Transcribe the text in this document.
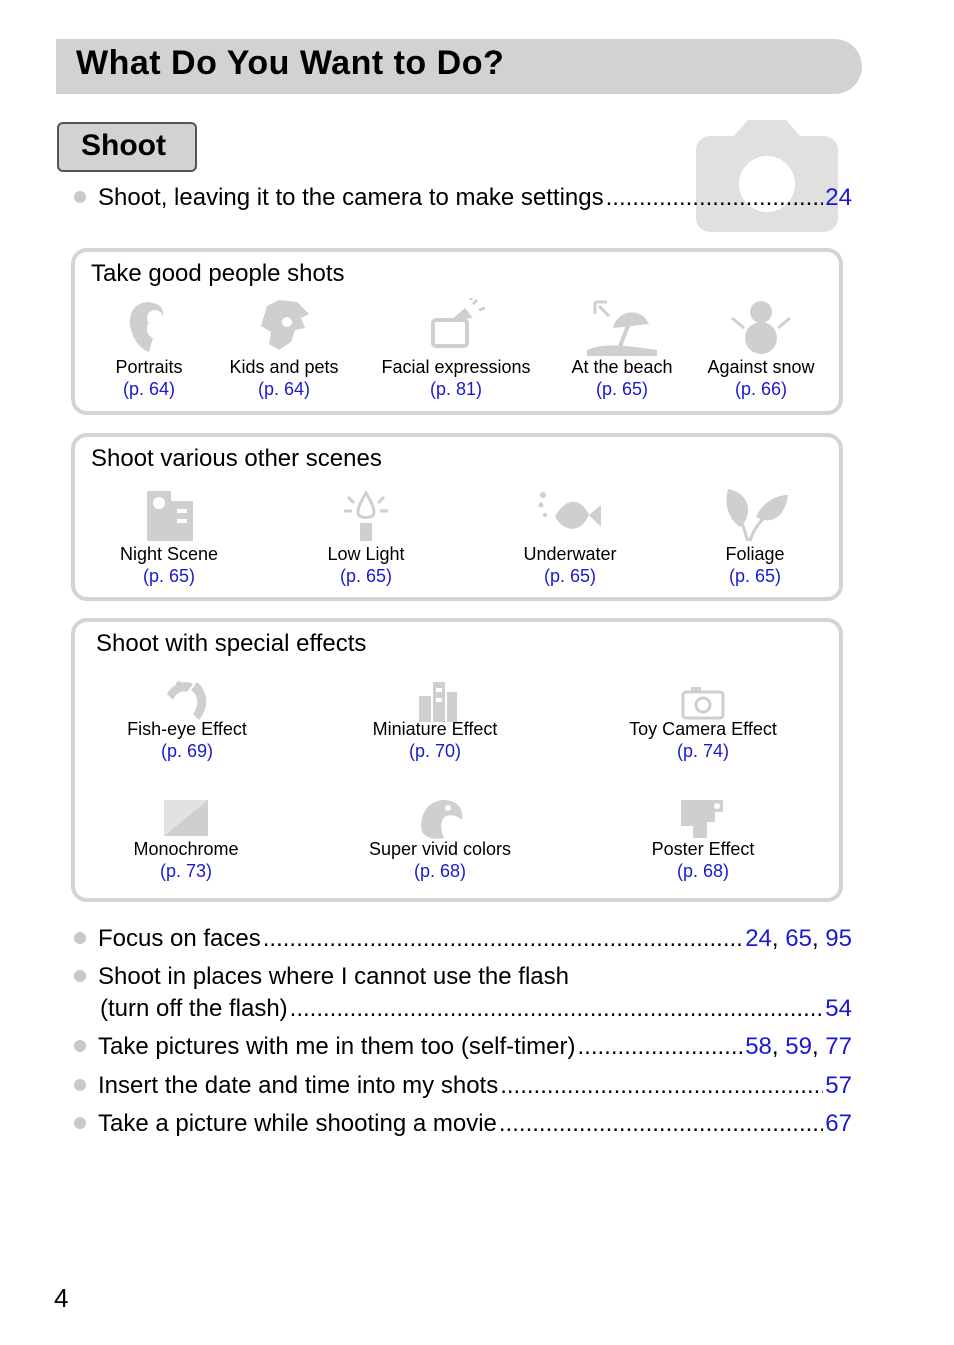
What Do You Want to Do?
Shoot
Shoot, leaving it to the camera to make settings .....	24
Take good people shots
Portraits
(p. 64)
Kids and pets
(p. 64)
Facial expressions
(p. 81)
At the beach
(p. 65)
Against snow
(p. 66)
Shoot various other scenes
Night Scene
(p. 65)
Low Light
(p. 65)
Underwater
(p. 65)
Foliage
(p. 65)
Shoot with special effects
Fish-eye Effect
(p. 69)
Miniature Effect
(p. 70)
Toy Camera Effect
(p. 74)
Monochrome
(p. 73)
Super vivid colors
(p. 68)
Poster Effect
(p. 68)
Focus on faces .....	24 , 65 , 95
Shoot in places where I cannot use the flash
(turn off the flash) .....	54
Take pictures with me in them too (self-timer) .....	58 , 59 , 77
Insert the date and time into my shots .....	57
Take a picture while shooting a movie .....	67
4
